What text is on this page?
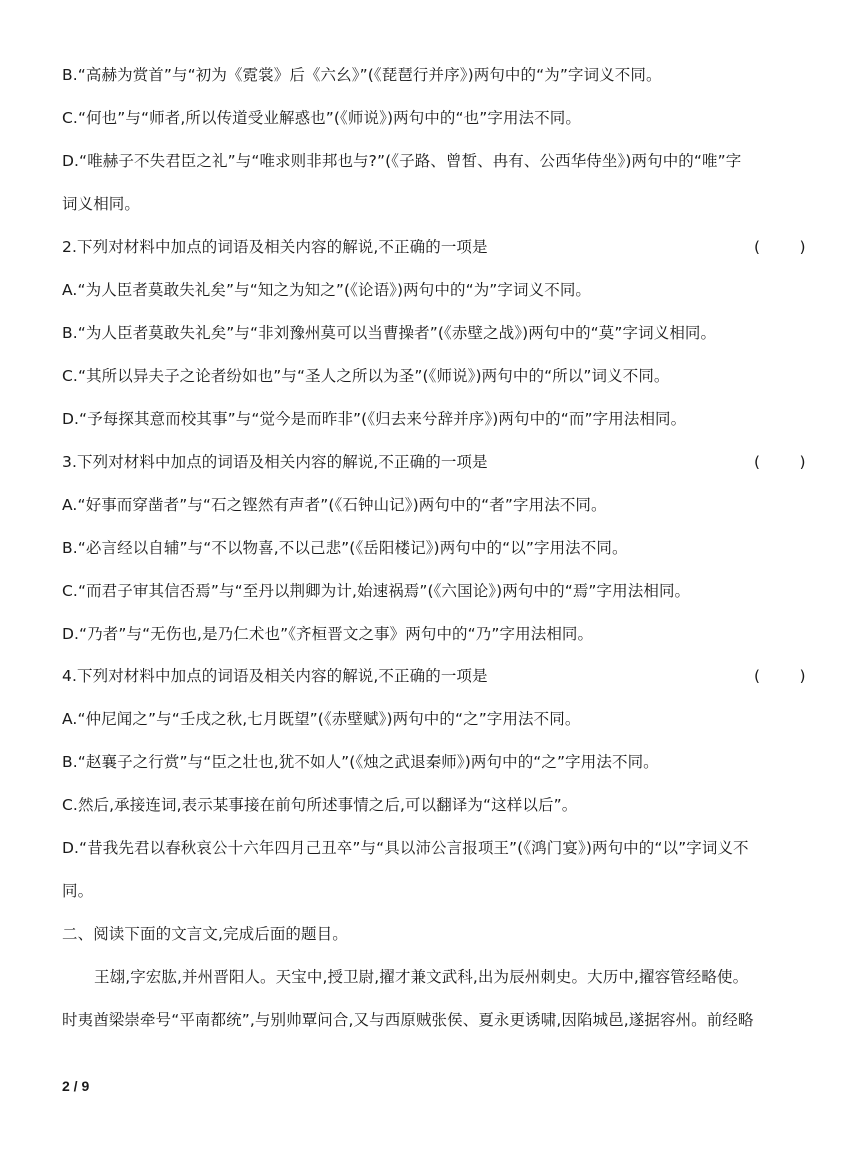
B.“高赫为赏首”与“初为《霓裳》后《六幺》”(《琵琶行并序》)两句中的“为”字词义不同。
C.“何也”与“师者,所以传道受业解惑也”(《师说》)两句中的“也”字用法不同。
D.“唯赫子不失君臣之礼”与“唯求则非邦也与?”(《子路、曾皙、冉有、公西华侍坐》)两句中的“唯”字
词义相同。
2.下列对材料中加点的词语及相关内容的解说,不正确的一项是	(        )
A.“为人臣者莫敢失礼矣”与“知之为知之”(《论语》)两句中的“为”字词义不同。
B.“为人臣者莫敢失礼矣”与“非刘豫州莫可以当曹操者”(《赤壁之战》)两句中的“莫”字词义相同。
C.“其所以异夫子之论者纷如也”与“圣人之所以为圣”(《师说》)两句中的“所以”词义不同。
D.“予每探其意而校其事”与“觉今是而昨非”(《归去来兮辞并序》)两句中的“而”字用法相同。
3.下列对材料中加点的词语及相关内容的解说,不正确的一项是	(        )
A.“好事而穿凿者”与“石之铿然有声者”(《石钟山记》)两句中的“者”字用法不同。
B.“必言经以自辅”与“不以物喜,不以己悲”(《岳阳楼记》)两句中的“以”字用法不同。
C.“而君子审其信否焉”与“至丹以荆卿为计,始速祸焉”(《六国论》)两句中的“焉”字用法相同。
D.“乃者”与“无伤也,是乃仁术也”《齐桓晋文之事》两句中的“乃”字用法相同。
4.下列对材料中加点的词语及相关内容的解说,不正确的一项是	(        )
A.“仲尼闻之”与“壬戌之秋,七月既望”(《赤壁赋》)两句中的“之”字用法不同。
B.“赵襄子之行赏”与“臣之壮也,犹不如人”(《烛之武退秦师》)两句中的“之”字用法不同。
C.然后,承接连词,表示某事接在前句所述事情之后,可以翻译为“这样以后”。
D.“昔我先君以春秋哀公十六年四月己丑卒”与“具以沛公言报项王”(《鸿门宴》)两句中的“以”字词义不
同。
二、阅读下面的文言文,完成后面的题目。
王翃,字宏肱,并州晋阳人。天宝中,授卫尉,擢才兼文武科,出为辰州刺史。大历中,擢容管经略使。
时夷酋梁崇牵号“平南都统”,与别帅覃问合,又与西原贼张侯、夏永更诱啸,因陷城邑,遂据容州。前经略
2 / 9
